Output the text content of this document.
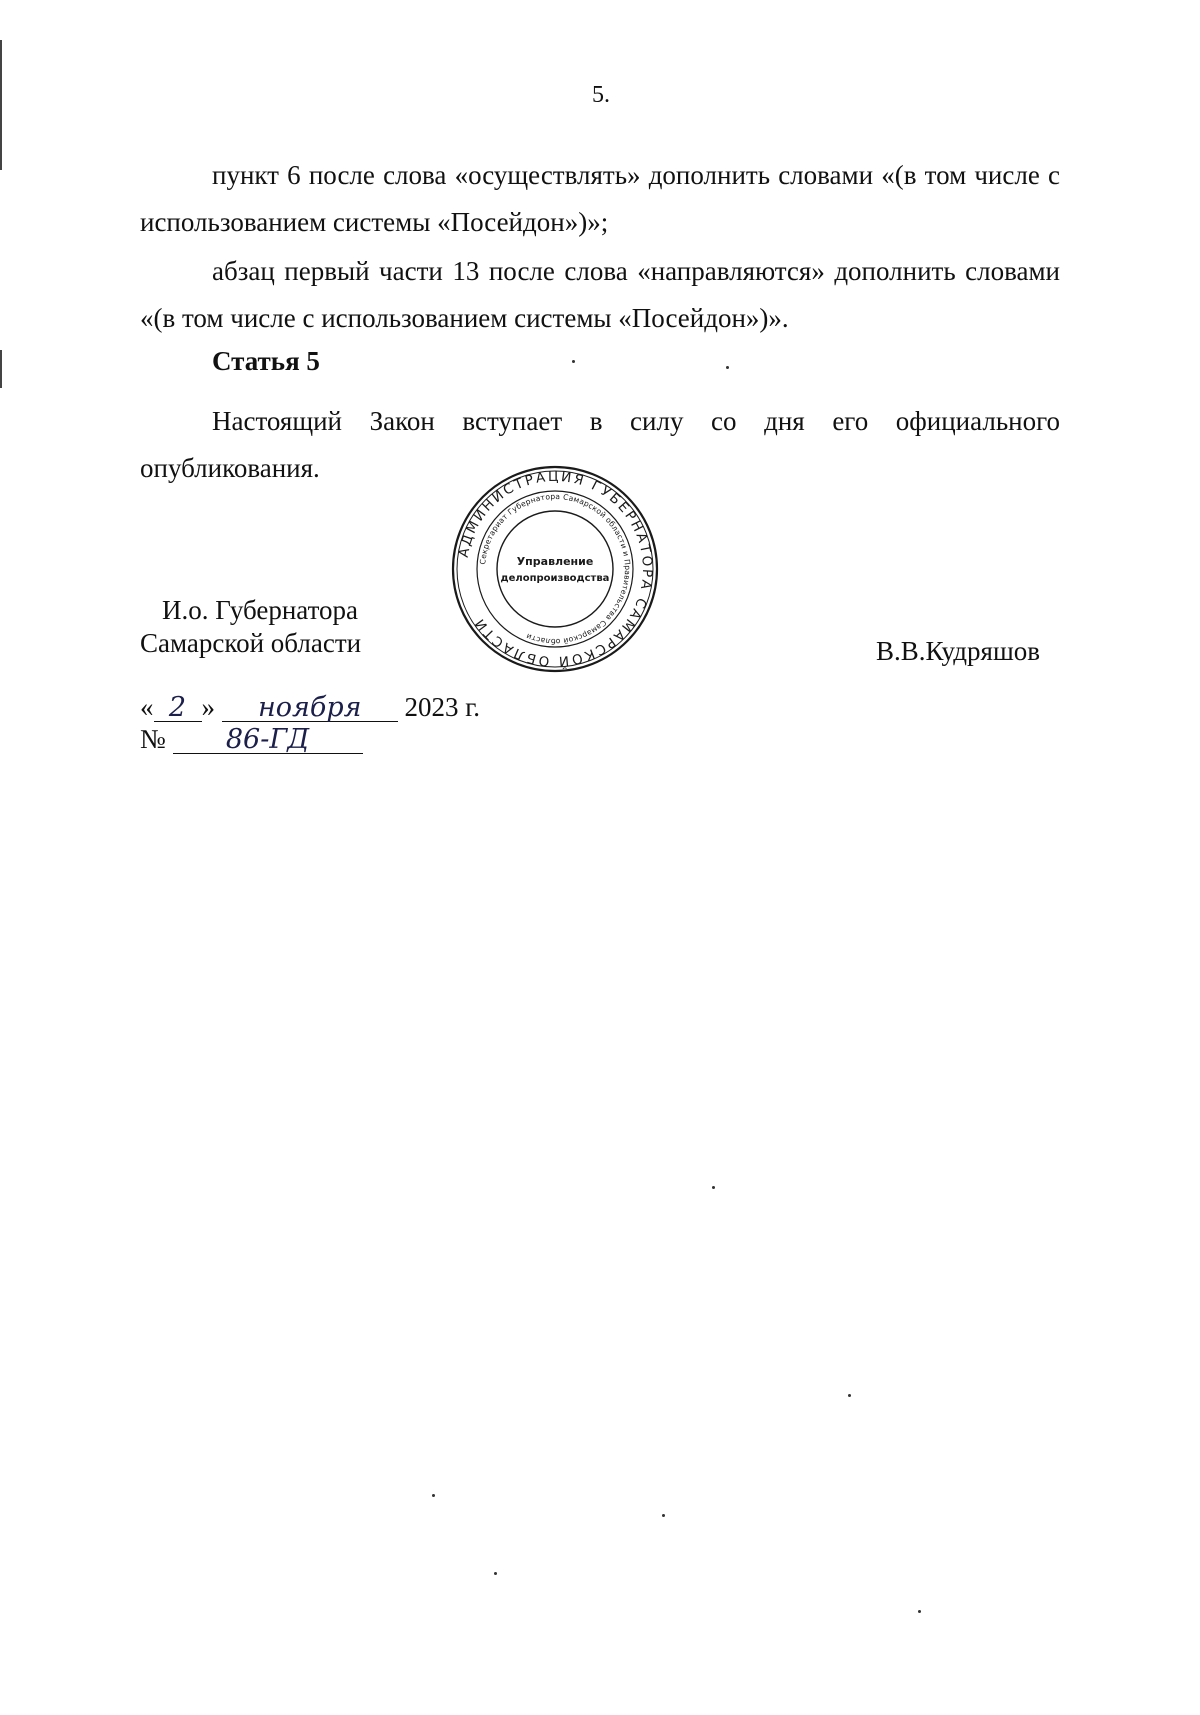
5.

пункт 6 после слова «осуществлять» дополнить словами «(в том числе с использованием системы «Посейдон»)»;

абзац первый части 13 после слова «направляются» дополнить словами «(в том числе с использованием системы «Посейдон»)».

Статья 5

Настоящий Закон вступает в силу со дня его официального опубликования.

АДМИНИСТРАЦИЯ ГУБЕРНАТОРА САМАРСКОЙ ОБЛАСТИ
Секретариат Губернатора Самарской области и Правительства Самарской области
Управление
делопроизводства
И.о. Губернатора
Самарской области	В.В.Кудряшов
« 2 » ноября 2023 г.
№ 86-ГД
